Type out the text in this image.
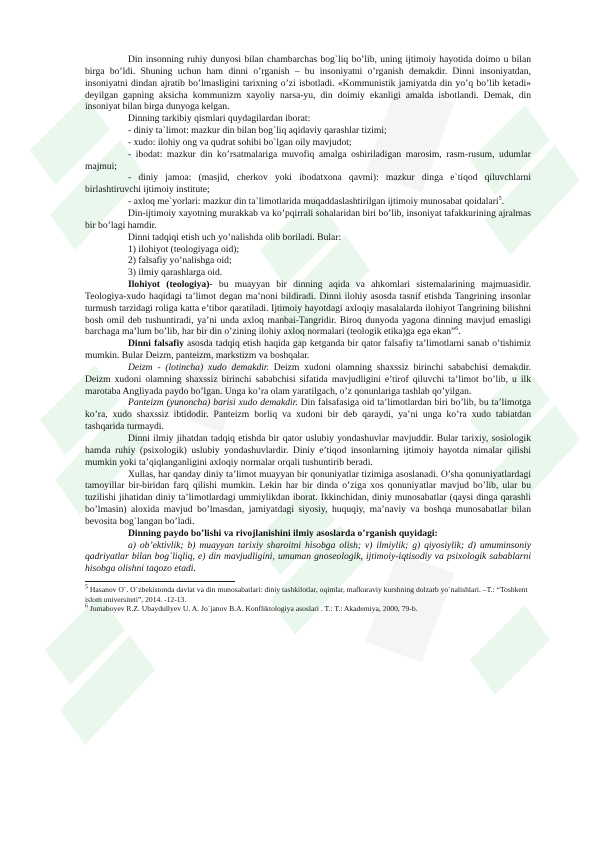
Din insonning ruhiy dunyosi bilan chambarchas bog`liq bo’lib, uning ijtimoiy hayotida doimo u bilan birga bo’ldi. Shuning uchun ham dinni o’rganish – bu insoniyatni o’rganish demakdir. Dinni insoniyatdan, insoniyatni dindan ajratib bo’lmasligini tarixning o’zi isbotladi. «Kommunistik jamiyatda din yo’q bo’lib ketadi» deyilgan gapning aksicha kommunizm xayoliy narsa-yu, din doimiy ekanligi amalda isbotlandi. Demak, din insoniyat bilan birga dunyoga kelgan.

Dinning tarkibiy qismlari quydagilardan iborat:

- diniy ta`limot: mazkur din bilan bog`liq aqidaviy qarashlar tizimi;

- xudo: ilohiy ong va qudrat sohibi bo`lgan oily mavjudot;

- ibodat: mazkur din ko’rsatmalariga muvofiq amalga oshiriladigan marosim, rasm-rusum, udumlar majmui;

- diniy jamoa: (masjid, cherkov yoki ibodatxona qavmi): mazkur dinga e`tiqod qiluvchlarni birlashtiruvchi ijtimoiy institute;

- axloq me`yorlari: mazkur din ta`limotlarida muqaddaslashtirilgan ijtimoiy munosabat qoidalari$^5$.

Din-ijtimoiy xayotning murakkab va ko’pqirrali sohalaridan biri bo’lib, insoniyat tafakkurining ajralmas bir bo’lagi hamdir.

Dinni tadqiqi etish uch yo’nalishda olib boriladi. Bular:

1) ilohiyot (teologiyaga oid);

2) falsafiy yo’nalishga oid;

3) ilmiy qarashlarga oid.

Ilohiyot (teologiya)- bu muayyan bir dinning aqida va ahkomlari sistemalarining majmuasidir. Teologiya-xudo haqidagi ta’limot degan ma’noni bildiradi. Dinni ilohiy asosda tasnif etishda Tangrining insonlar turmush tarzidagi roliga katta e’tibor qaratiladi. Ijtimoiy hayotdagi axloqiy masalalarda ilohiyot Tangrining bilishni bosh omil deb tushuntiradi, ya’ni unda axloq manbai-Tangridir. Biroq dunyoda yagona dinning mavjud emasligi barchaga ma’lum bo’lib, har bir din o’zining ilohiy axloq normalari (teologik etika)ga ega ekan”$^6$.

Dinni falsafiy asosda tadqiq etish haqida gap ketganda bir qator falsafiy ta’limotlarni sanab o’tishimiz mumkin. Bular Deizm, panteizm, markstizm va boshqalar.

Deizm - (lotincha) xudo demakdir. Deizm xudoni olamning shaxssiz birinchi sababchisi demakdir. Deizm xudoni olamning shaxssiz birinchi sababchisi sifatida mavjudligini e’tirof qiluvchi ta’limot bo’lib, u ilk marotaba Angliyada paydo bo’lgan. Unga ko’ra olam yaratilgach, o’z qonunlariga tashlab qo’yilgan.

Panteizm (yunoncha) barisi xudo demakdir. Din falsafasiga oid ta’limotlardan biri bo’lib, bu ta’limotga ko’ra, xudo shaxssiz ibtidodir. Panteizm borliq va xudoni bir deb qaraydi, ya’ni unga ko’ra xudo tabiatdan tashqarida turmaydi.

Dinni ilmiy jihatdan tadqiq etishda bir qator uslubiy yondashuvlar mavjuddir. Bular tarixiy, sosiologik hamda ruhiy (psixologik) uslubiy yondashuvlardir. Diniy e’tiqod insonlarning ijtimoiy hayotda nimalar qilishi mumkin yoki ta’qiqlanganligini axloqiy normalar orqali tushuntirib beradi.

Xullas, har qanday diniy ta’limot muayyan bir qonuniyatlar tizimiga asoslanadi. O’sha qonuniyatlardagi tamoyillar bir-biridan farq qilishi mumkin. Lekin har bir dinda o’ziga xos qonuniyatlar mavjud bo’lib, ular bu tuzilishi jihatidan diniy ta’limotlardagi ummiylikdan iborat. Ikkinchidan, diniy munosabatlar (qaysi dinga qarashli bo’lmasin) aloxida mavjud bo’lmasdan, jamiyatdagi siyosiy, huquqiy, ma’naviy va boshqa munosabatlar bilan bevosita bog`langan bo’ladi.

Dinning paydo bo’lishi va rivojlanishini ilmiy asoslarda o’rganish quyidagi:

a) ob’ektivlik; b) muayyan tarixiy sharoitni hisobga olish; v) ilmiylik; g) qiyosiylik; d) umuminsoniy qadriyatlar bilan bog`liqliq, e) din mavjudligini, umuman gnoseologik, ijtimoiy-iqtisodiy va psixologik sabablarni hisobga olishni taqozo etadi.

$^5$ Hasanov O`. O`zbekistonda davlat va din munosabatlari: diniy tashkilotlar, oqimlar, mafkuraviy kurshning dolzarb yo`nalishlari. –T.: “Toshkent islom universiteti”, 2014. -12-13.

$^6$ Jumaboyev R.Z. Ubaydullyev U. A. Jo`janov B.A. Konfliktologiya asoslari . T.: T.: Akademiya, 2000, 79-b.
